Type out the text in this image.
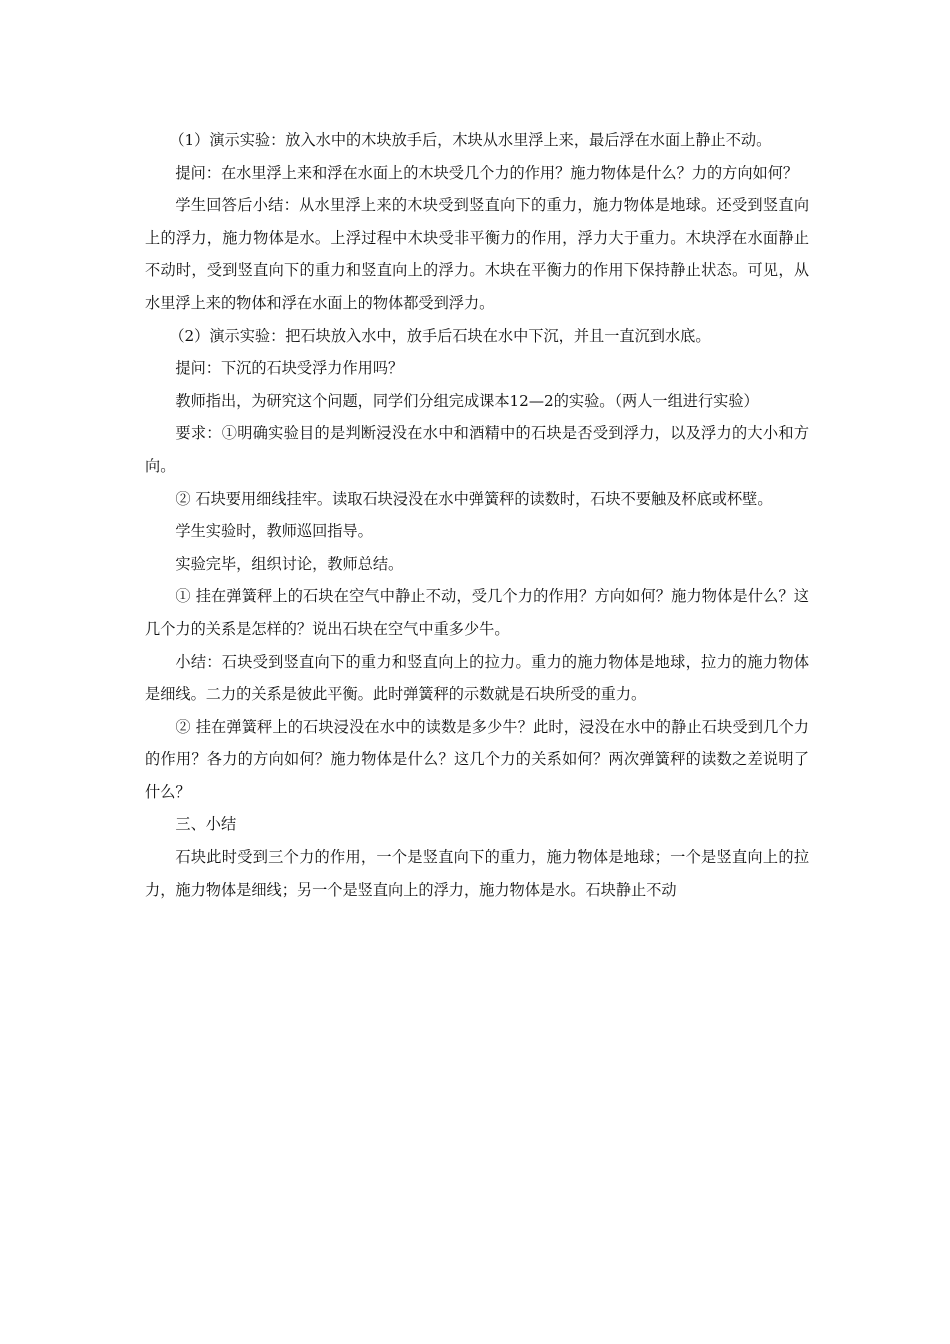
（1）演示实验：放入水中的木块放手后，木块从水里浮上来，最后浮在水面上静止不动。

提问：在水里浮上来和浮在水面上的木块受几个力的作用？施力物体是什么？力的方向如何？

学生回答后小结：从水里浮上来的木块受到竖直向下的重力，施力物体是地球。还受到竖直向上的浮力，施力物体是水。上浮过程中木块受非平衡力的作用，浮力大于重力。木块浮在水面静止不动时，受到竖直向下的重力和竖直向上的浮力。木块在平衡力的作用下保持静止状态。可见，从水里浮上来的物体和浮在水面上的物体都受到浮力。

（2）演示实验：把石块放入水中，放手后石块在水中下沉，并且一直沉到水底。

提问：下沉的石块受浮力作用吗？

教师指出，为研究这个问题，同学们分组完成课本12—2的实验。（两人一组进行实验）

要求：①明确实验目的是判断浸没在水中和酒精中的石块是否受到浮力，以及浮力的大小和方向。

② 石块要用细线挂牢。读取石块浸没在水中弹簧秤的读数时，石块不要触及杯底或杯壁。

学生实验时，教师巡回指导。

实验完毕，组织讨论，教师总结。

① 挂在弹簧秤上的石块在空气中静止不动，受几个力的作用？方向如何？施力物体是什么？这几个力的关系是怎样的？说出石块在空气中重多少牛。

小结：石块受到竖直向下的重力和竖直向上的拉力。重力的施力物体是地球，拉力的施力物体是细线。二力的关系是彼此平衡。此时弹簧秤的示数就是石块所受的重力。

② 挂在弹簧秤上的石块浸没在水中的读数是多少牛？此时，浸没在水中的静止石块受到几个力的作用？各力的方向如何？施力物体是什么？这几个力的关系如何？两次弹簧秤的读数之差说明了什么？

三、小结

石块此时受到三个力的作用，一个是竖直向下的重力，施力物体是地球；一个是竖直向上的拉力，施力物体是细线；另一个是竖直向上的浮力，施力物体是水。石块静止不动
